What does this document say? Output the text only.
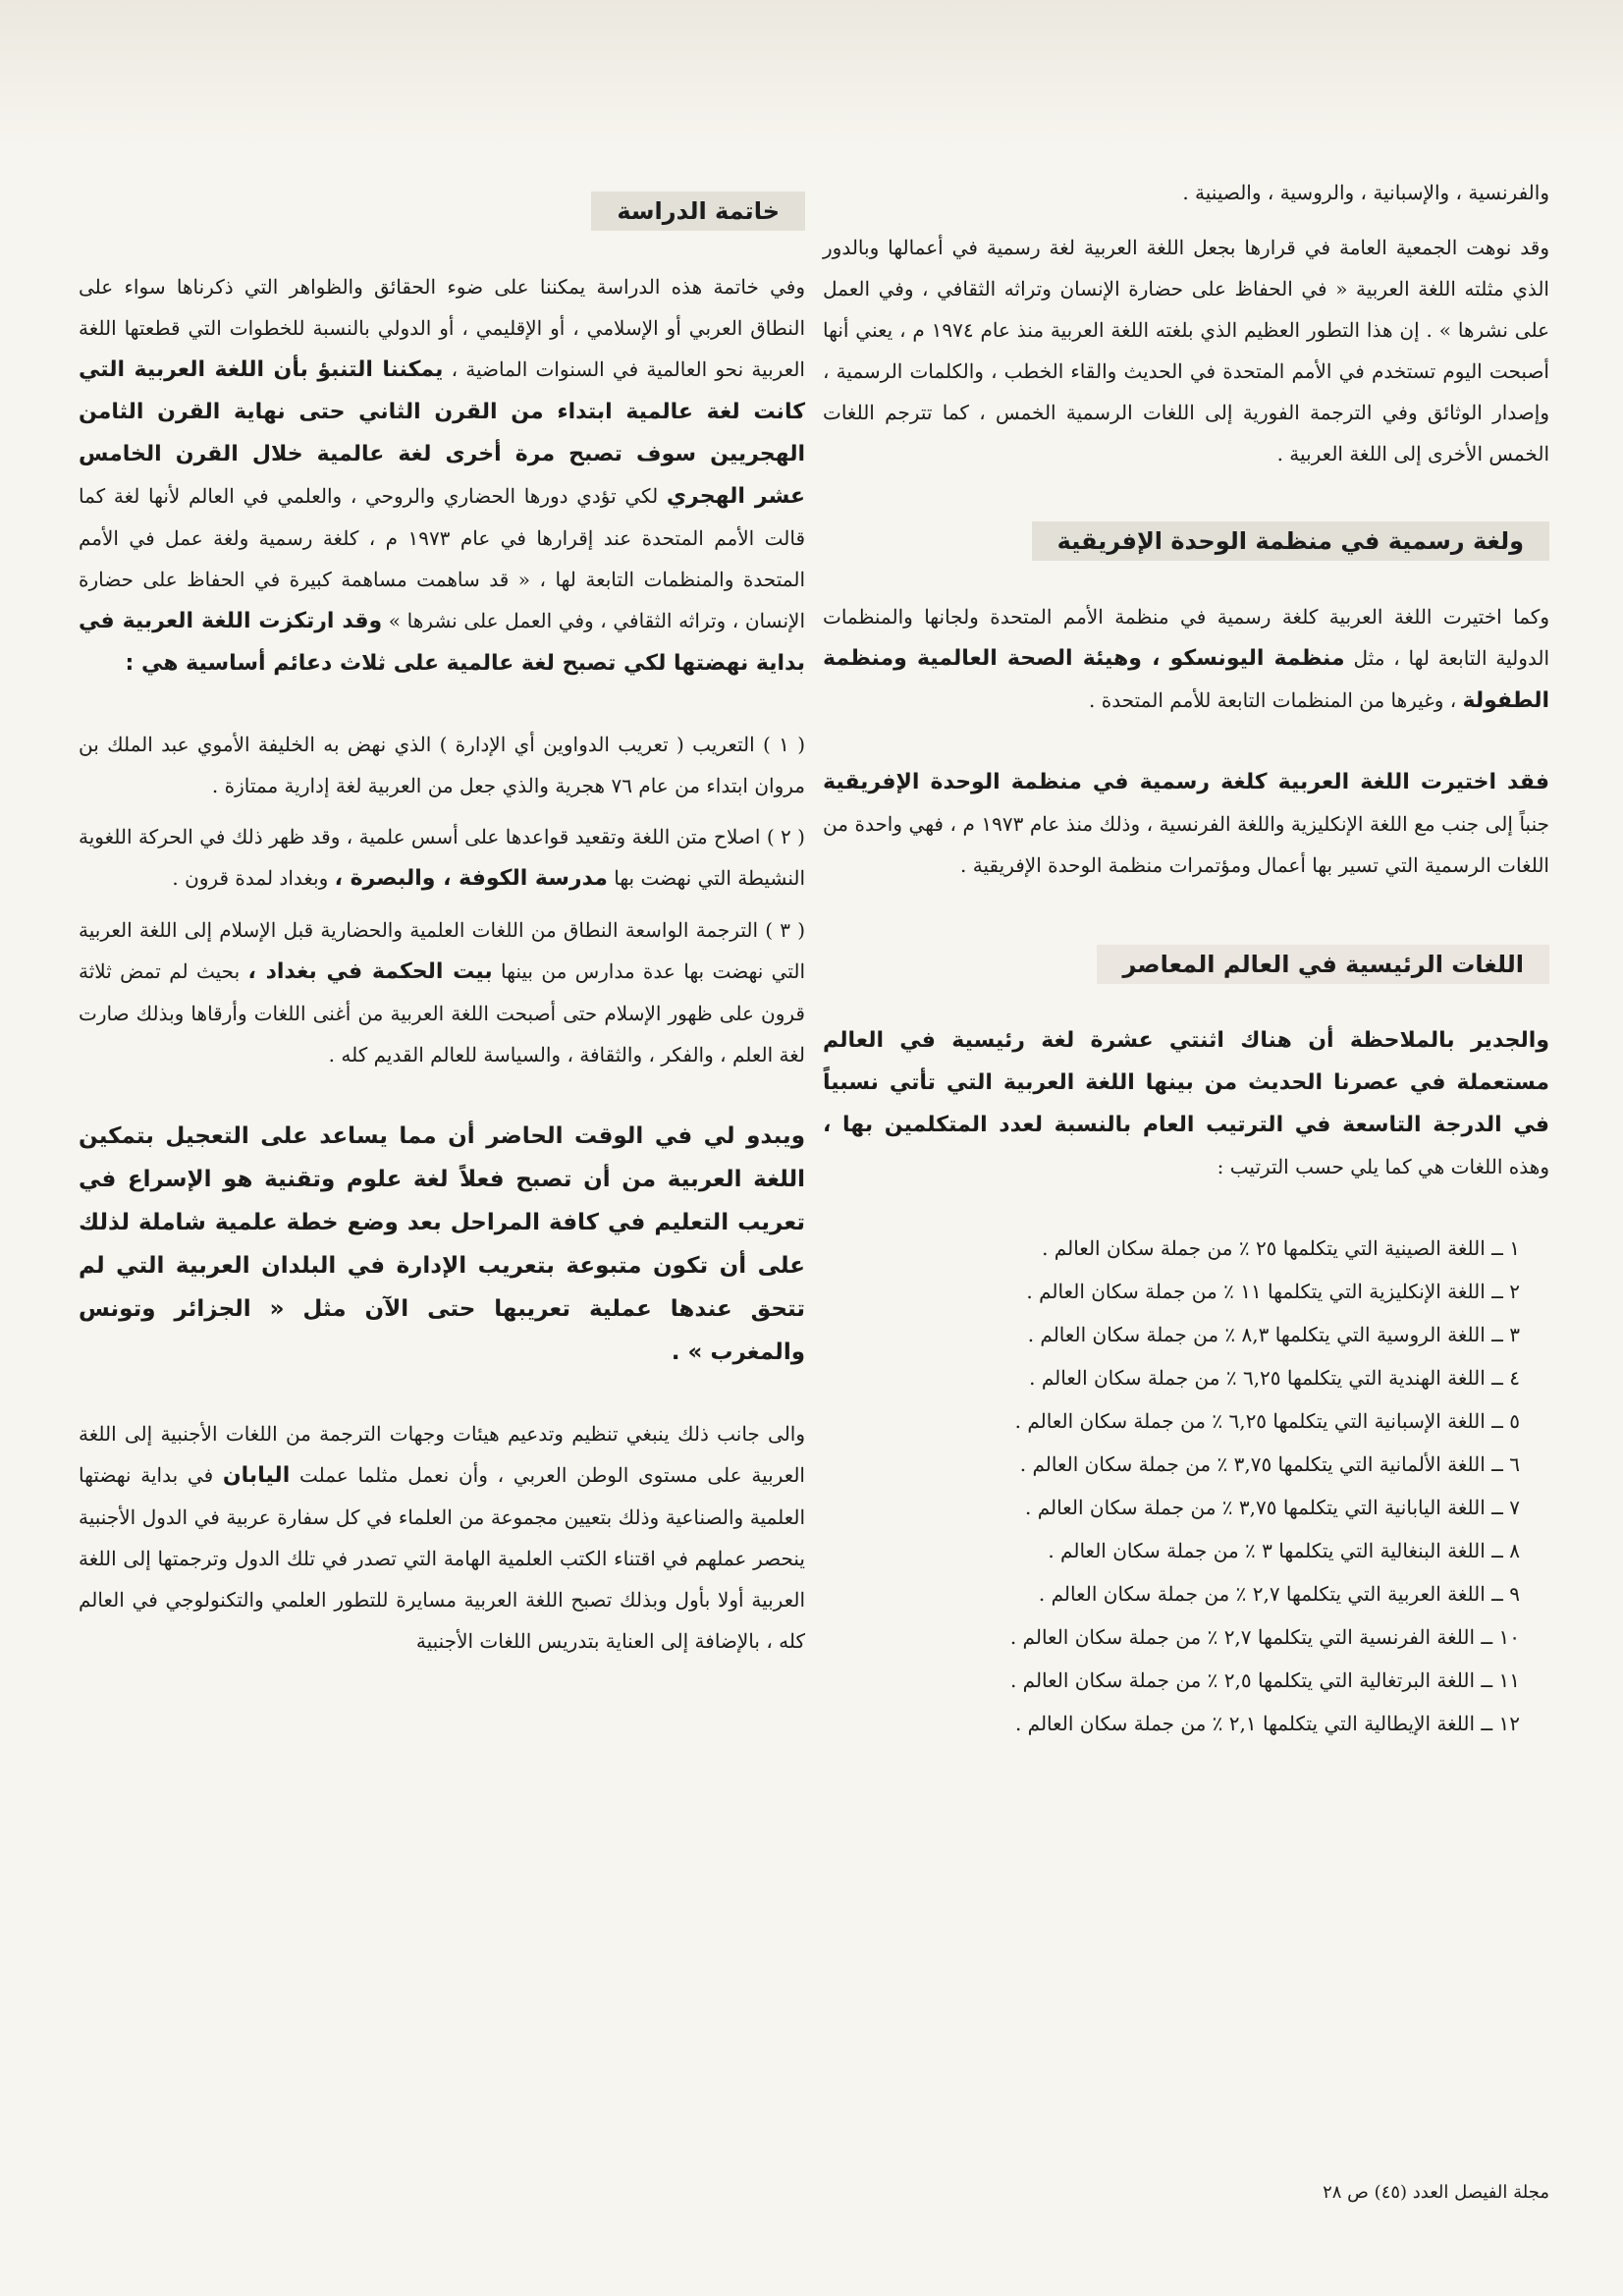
والفرنسية ، والإسبانية ، والروسية ، والصينية .

وقد نوهت الجمعية العامة في قرارها بجعل اللغة العربية لغة رسمية في أعمالها وبالدور الذي مثلته اللغة العربية « في الحفاظ على حضارة الإنسان وتراثه الثقافي ، وفي العمل على نشرها » . إن هذا التطور العظيم الذي بلغته اللغة العربية منذ عام ١٩٧٤ م ، يعني أنها أصبحت اليوم تستخدم في الأمم المتحدة في الحديث والقاء الخطب ، والكلمات الرسمية ، وإصدار الوثائق وفي الترجمة الفورية إلى اللغات الرسمية الخمس ، كما تترجم اللغات الخمس الأخرى إلى اللغة العربية .

ولغة رسمية في منظمة الوحدة الإفريقية

وكما اختيرت اللغة العربية كلغة رسمية في منظمة الأمم المتحدة ولجانها والمنظمات الدولية التابعة لها ، مثل منظمة اليونسكو ، وهيئة الصحة العالمية ومنظمة الطفولة ، وغيرها من المنظمات التابعة للأمم المتحدة .

فقد اختيرت اللغة العربية كلغة رسمية في منظمة الوحدة الإفريقية جنباً إلى جنب مع اللغة الإنكليزية واللغة الفرنسية ، وذلك منذ عام ١٩٧٣ م ، فهي واحدة من اللغات الرسمية التي تسير بها أعمال ومؤتمرات منظمة الوحدة الإفريقية .

اللغات الرئيسية في العالم المعاصر

والجدير بالملاحظة أن هناك اثنتي عشرة لغة رئيسية في العالم مستعملة في عصرنا الحديث من بينها اللغة العربية التي تأتي نسبياً في الدرجة التاسعة في الترتيب العام بالنسبة لعدد المتكلمين بها ، وهذه اللغات هي كما يلي حسب الترتيب :

١ ــ اللغة الصينية التي يتكلمها ٢٥ ٪ من جملة سكان العالم .
٢ ــ اللغة الإنكليزية التي يتكلمها ١١ ٪ من جملة سكان العالم .
٣ ــ اللغة الروسية التي يتكلمها ٨,٣ ٪ من جملة سكان العالم .
٤ ــ اللغة الهندية التي يتكلمها ٦,٢٥ ٪ من جملة سكان العالم .
٥ ــ اللغة الإسبانية التي يتكلمها ٦,٢٥ ٪ من جملة سكان العالم .
٦ ــ اللغة الألمانية التي يتكلمها ٣,٧٥ ٪ من جملة سكان العالم .
٧ ــ اللغة اليابانية التي يتكلمها ٣,٧٥ ٪ من جملة سكان العالم .
٨ ــ اللغة البنغالية التي يتكلمها ٣ ٪ من جملة سكان العالم .
٩ ــ اللغة العربية التي يتكلمها ٢,٧ ٪ من جملة سكان العالم .
١٠ ــ اللغة الفرنسية التي يتكلمها ٢,٧ ٪ من جملة سكان العالم .
١١ ــ اللغة البرتغالية التي يتكلمها ٢,٥ ٪ من جملة سكان العالم .
١٢ ــ اللغة الإيطالية التي يتكلمها ٢,١ ٪ من جملة سكان العالم .
خاتمة الدراسة

وفي خاتمة هذه الدراسة يمكننا على ضوء الحقائق والظواهر التي ذكرناها سواء على النطاق العربي أو الإسلامي ، أو الإقليمي ، أو الدولي بالنسبة للخطوات التي قطعتها اللغة العربية نحو العالمية في السنوات الماضية ، يمكننا التنبؤ بأن اللغة العربية التي كانت لغة عالمية ابتداء من القرن الثاني حتى نهاية القرن الثامن الهجريين سوف تصبح مرة أخرى لغة عالمية خلال القرن الخامس عشر الهجري لكي تؤدي دورها الحضاري والروحي ، والعلمي في العالم لأنها لغة كما قالت الأمم المتحدة عند إقرارها في عام ١٩٧٣ م ، كلغة رسمية ولغة عمل في الأمم المتحدة والمنظمات التابعة لها ، « قد ساهمت مساهمة كبيرة في الحفاظ على حضارة الإنسان ، وتراثه الثقافي ، وفي العمل على نشرها » وقد ارتكزت اللغة العربية في بداية نهضتها لكي تصبح لغة عالمية على ثلاث دعائم أساسية هي :

( ١ ) التعريب ( تعريب الدواوين أي الإدارة ) الذي نهض به الخليفة الأموي عبد الملك بن مروان ابتداء من عام ٧٦ هجرية والذي جعل من العربية لغة إدارية ممتازة .

( ٢ ) اصلاح متن اللغة وتقعيد قواعدها على أسس علمية ، وقد ظهر ذلك في الحركة اللغوية النشيطة التي نهضت بها مدرسة الكوفة ، والبصرة ، وبغداد لمدة قرون .

( ٣ ) الترجمة الواسعة النطاق من اللغات العلمية والحضارية قبل الإسلام إلى اللغة العربية التي نهضت بها عدة مدارس من بينها بيت الحكمة في بغداد ، بحيث لم تمض ثلاثة قرون على ظهور الإسلام حتى أصبحت اللغة العربية من أغنى اللغات وأرقاها وبذلك صارت لغة العلم ، والفكر ، والثقافة ، والسياسة للعالم القديم كله .

ويبدو لي في الوقت الحاضر أن مما يساعد على التعجيل بتمكين اللغة العربية من أن تصبح فعلاً لغة علوم وتقنية هو الإسراع في تعريب التعليم في كافة المراحل بعد وضع خطة علمية شاملة لذلك على أن تكون متبوعة بتعريب الإدارة في البلدان العربية التي لم تتحق عندها عملية تعريبها حتى الآن مثل « الجزائر وتونس والمغرب » .

والى جانب ذلك ينبغي تنظيم وتدعيم هيئات وجهات الترجمة من اللغات الأجنبية إلى اللغة العربية على مستوى الوطن العربي ، وأن نعمل مثلما عملت اليابان في بداية نهضتها العلمية والصناعية وذلك بتعيين مجموعة من العلماء في كل سفارة عربية في الدول الأجنبية ينحصر عملهم في اقتناء الكتب العلمية الهامة التي تصدر في تلك الدول وترجمتها إلى اللغة العربية أولا بأول وبذلك تصبح اللغة العربية مسايرة للتطور العلمي والتكنولوجي في العالم كله ، بالإضافة إلى العناية بتدريس اللغات الأجنبية

مجلة الفيصل العدد (٤٥) ص ٢٨
